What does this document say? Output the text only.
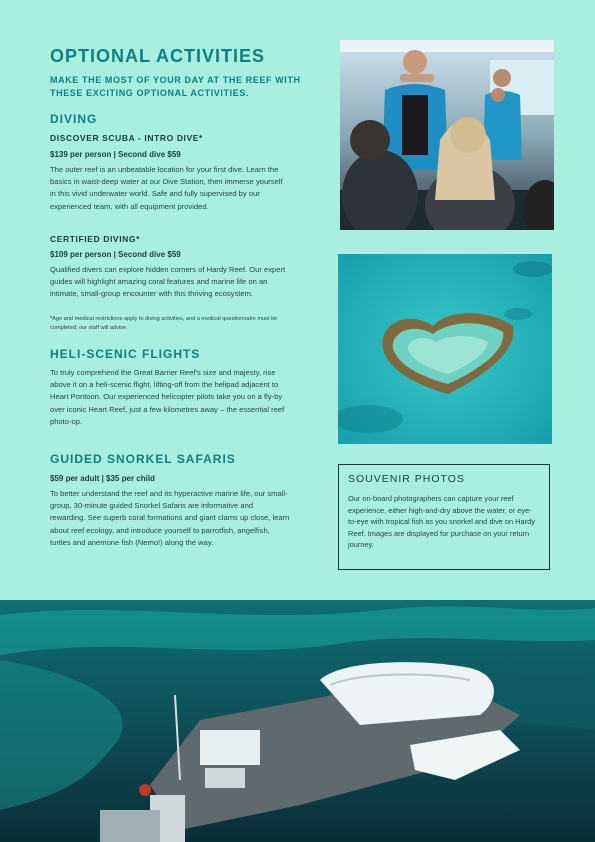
OPTIONAL ACTIVITIES

MAKE THE MOST OF YOUR DAY AT THE REEF WITH THESE EXCITING OPTIONAL ACTIVITIES.

DIVING

DISCOVER SCUBA - INTRO DIVE*

$139 per person | Second dive $59

The outer reef is an unbeatable location for your first dive. Learn the basics in waist-deep water at our Dive Station, then immerse yourself in this vivid underwater world. Safe and fully supervised by our experienced team, with all equipment provided.

CERTIFIED DIVING*

$109 per person | Second dive $59

Qualified divers can explore hidden corners of Hardy Reef. Our expert guides will highlight amazing coral features and marine life on an intimate, small-group encounter with this thriving ecosystem.

*Age and medical restrictions apply to diving activities, and a medical questionnaire must be completed; our staff will advise.

HELI-SCENIC FLIGHTS

To truly comprehend the Great Barrier Reef's size and majesty, rise above it on a heli-scenic flight, lifting-off from the helipad adjacent to Heart Pontoon. Our experienced helicopter pilots take you on a fly-by over iconic Heart Reef, just a few kilometres away – the essential reef photo-op.

GUIDED SNORKEL SAFARIS

$59 per adult | $35 per child

To better understand the reef and its hyperactive marine life, our small-group, 30-minute guided Snorkel Safaris are informative and rewarding. See superb coral formations and giant clams up close, learn about reef ecology, and introduce yourself to parrotfish, angelfish, turtles and anemone fish (Nemo!) along the way.

SOUVENIR PHOTOS

Our on-board photographers can capture your reef experience, either high-and-dry above the water, or eye-to-eye with tropical fish as you snorkel and dive on Hardy Reef. Images are displayed for purchase on your return journey.
